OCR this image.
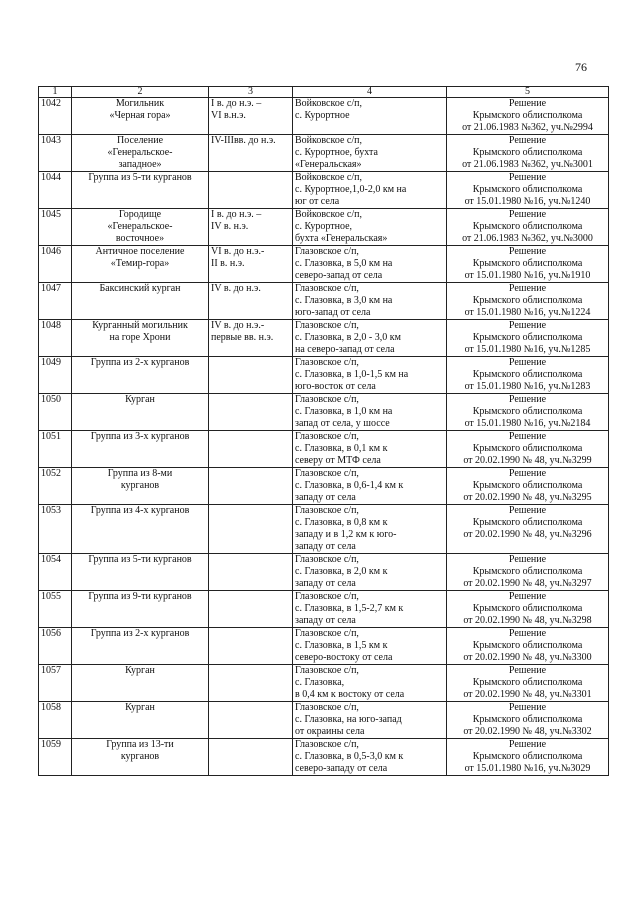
76
1	2	3	4	5
1042	Могильник
«Черная гора»	I в. до н.э. –
VI в.н.э.	Войковское с/п,
с. Курортное	Решение
Крымского облисполкома
от 21.06.1983 №362, уч.№2994

1043	Поселение
«Генеральское-
западное»	IV-IIIвв. до н.э.	Войковское с/п,
с. Курортное, бухта
«Генеральская»	Решение
Крымского облисполкома
от 21.06.1983 №362, уч.№3001

1044	Группа из 5-ти курганов		Войковское с/п,
с. Курортное,1,0-2,0 км на
юг от села	Решение
Крымского облисполкома
от 15.01.1980 №16, уч.№1240

1045	Городище
«Генеральское-
восточное»	I в. до н.э. –
IV в. н.э.	Войковское с/п,
с. Курортное,
бухта «Генеральская»	Решение
Крымского облисполкома
от 21.06.1983 №362, уч.№3000

1046	Античное поселение
«Темир-гора»	VI в. до н.э.-
II в. н.э.	Глазовское с/п,
с. Глазовка, в 5,0 км на
северо-запад от села	Решение
Крымского облисполкома
от 15.01.1980 №16, уч.№1910

1047	Баксинский курган	IV в. до н.э.	Глазовское с/п,
с. Глазовка, в 3,0 км на
юго-запад от села	Решение
Крымского облисполкома
от 15.01.1980 №16, уч.№1224

1048	Курганный могильник
на горе Хрони	IV в. до н.э.-
первые вв. н.э.	Глазовское с/п,
с. Глазовка, в 2,0 - 3,0 км
на северо-запад от села	Решение
Крымского облисполкома
от 15.01.1980 №16, уч.№1285

1049	Группа из 2-х курганов		Глазовское с/п,
с. Глазовка, в 1,0-1,5 км на
юго-восток от села	Решение
Крымского облисполкома
от 15.01.1980 №16, уч.№1283

1050	Курган		Глазовское с/п,
с. Глазовка, в 1,0 км на
запад от села, у шоссе	Решение
Крымского облисполкома
от 15.01.1980 №16, уч.№2184

1051	Группа из 3-х курганов		Глазовское с/п,
с. Глазовка, в 0,1 км к
северу от МТФ села	Решение
Крымского облисполкома
от 20.02.1990 № 48, уч.№3299

1052	Группа из 8-ми
курганов		Глазовское с/п,
с. Глазовка, в 0,6-1,4 км к
западу от села	Решение
Крымского облисполкома
от 20.02.1990 № 48, уч.№3295

1053	Группа из 4-х курганов		Глазовское с/п,
с. Глазовка, в 0,8 км к
западу и в 1,2 км к юго-
западу от села	Решение
Крымского облисполкома
от 20.02.1990 № 48, уч.№3296

1054	Группа из 5-ти курганов		Глазовское с/п,
с. Глазовка, в 2,0 км к
западу от села	Решение
Крымского облисполкома
от 20.02.1990 № 48, уч.№3297

1055	Группа из 9-ти курганов		Глазовское с/п,
с. Глазовка, в 1,5-2,7 км к
западу от села	Решение
Крымского облисполкома
от 20.02.1990 № 48, уч.№3298

1056	Группа из 2-х курганов		Глазовское с/п,
с. Глазовка, в 1,5 км к
северо-востоку от села	Решение
Крымского облисполкома
от 20.02.1990 № 48, уч.№3300

1057	Курган		Глазовское с/п,
с. Глазовка,
в 0,4 км к востоку от села	Решение
Крымского облисполкома
от 20.02.1990 № 48, уч.№3301

1058	Курган		Глазовское с/п,
с. Глазовка, на юго-запад
от окраины села	Решение
Крымского облисполкома
от 20.02.1990 № 48, уч.№3302

1059	Группа из 13-ти
курганов		Глазовское с/п,
с. Глазовка, в 0,5-3,0 км к
северо-западу от села	Решение
Крымского облисполкома
от 15.01.1980 №16, уч.№3029
